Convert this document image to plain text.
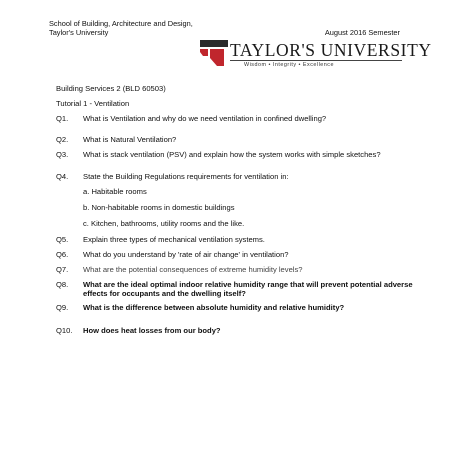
School of Building, Architecture and Design,
Taylor's University	August 2016 Semester
TAYLOR'S UNIVERSITY
Wisdom • Integrity • Excellence
Building Services 2 (BLD 60503)
Tutorial 1 - Ventilation
Q1. What is Ventilation and why do we need ventilation in confined dwelling?
Q2. What is Natural Ventilation?
Q3. What is stack ventilation (PSV) and explain how the system works with simple sketches?
Q4. State the Building Regulations requirements for ventilation in:
a. Habitable rooms
b. Non-habitable rooms in domestic buildings
c. Kitchen, bathrooms, utility rooms and the like.
Q5. Explain three types of mechanical ventilation systems.
Q6. What do you understand by 'rate of air change' in ventilation?
Q7. What are the potential consequences of extreme humidity levels?
Q8. What are the ideal optimal indoor relative humidity range that will prevent potential adverse effects for occupants and the dwelling itself?
Q9. What is the difference between absolute humidity and relative humidity?
Q10. How does heat losses from our body?
